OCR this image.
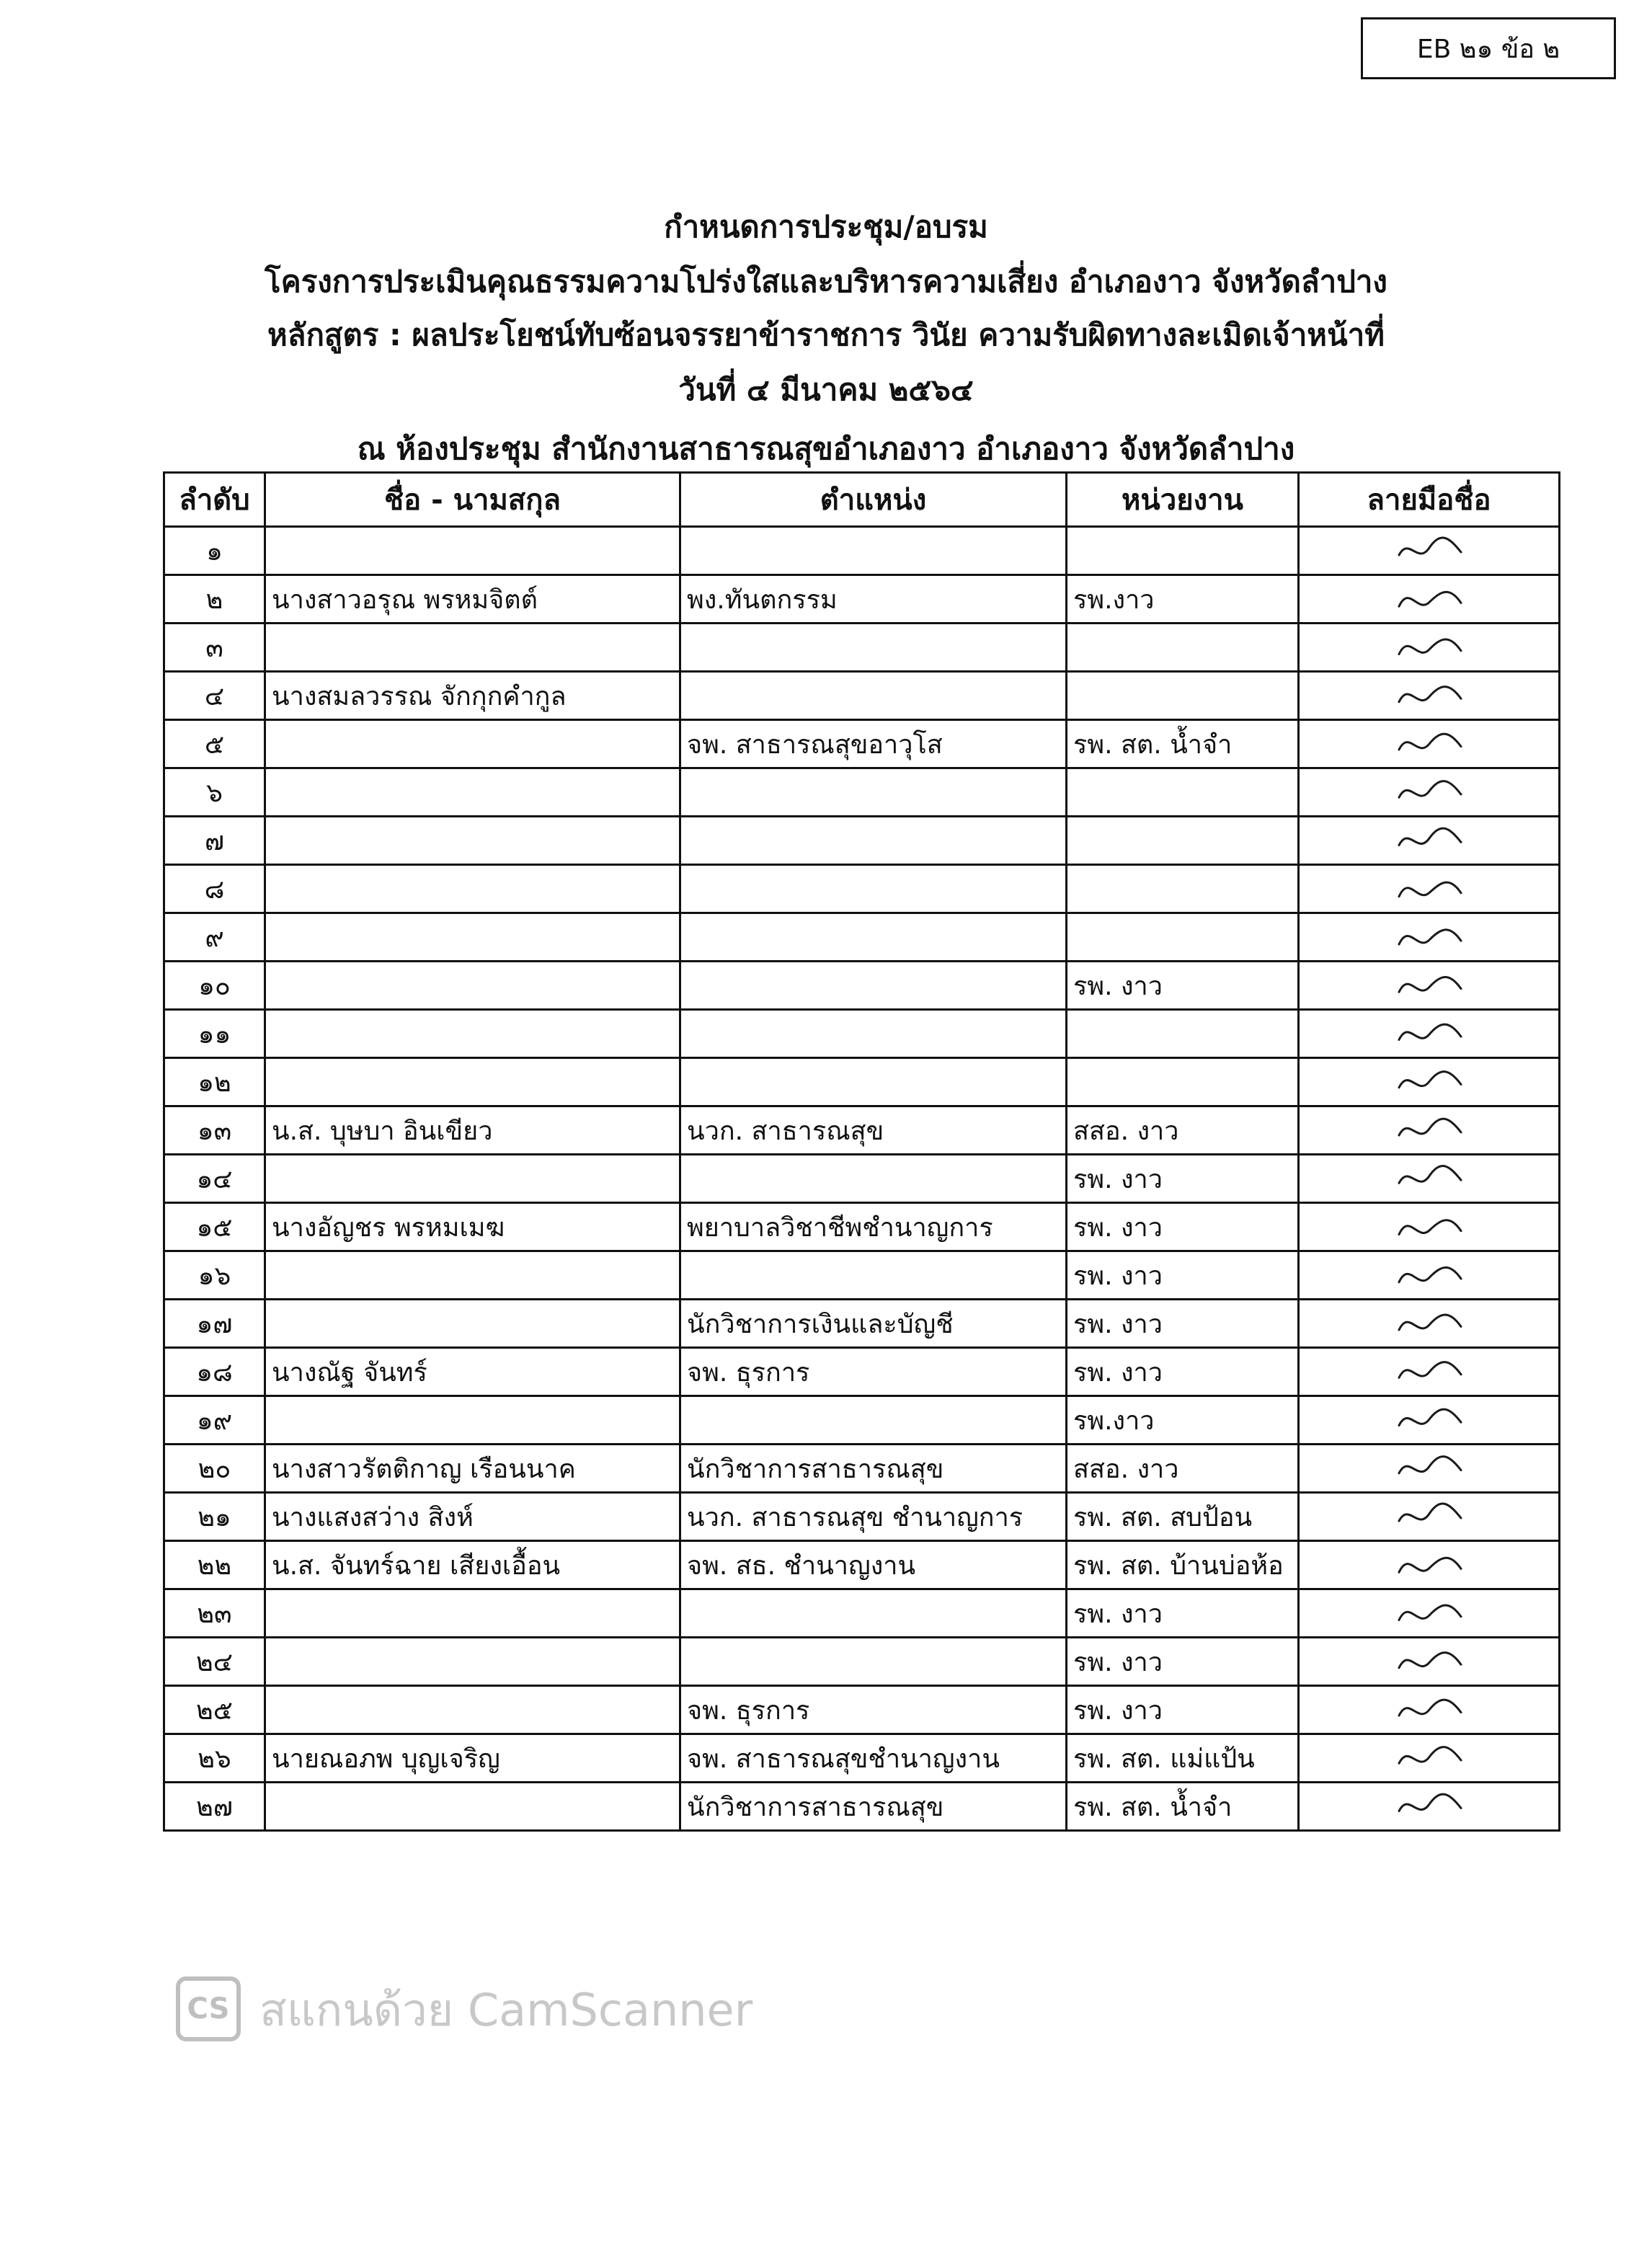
EB ๒๑ ข้อ ๒
กำหนดการประชุม/อบรม
โครงการประเมินคุณธรรมความโปร่งใสและบริหารความเสี่ยง อำเภองาว จังหวัดลำปาง
หลักสูตร : ผลประโยชน์ทับซ้อนจรรยาข้าราชการ วินัย ความรับผิดทางละเมิดเจ้าหน้าที่
วันที่ ๔ มีนาคม ๒๕๖๔
ณ ห้องประชุม สำนักงานสาธารณสุขอำเภองาว อำเภองาว จังหวัดลำปาง
ลำดับ	ชื่อ - นามสกุล	ตำแหน่ง	หน่วยงาน	ลายมือชื่อ
๑				
๒	นางสาวอรุณ พรหมจิตต์	พง.ทันตกรรม	รพ.งาว	
๓				
๔	นางสมลวรรณ จักกุกคำกูล			
๕		จพ. สาธารณสุขอาวุโส	รพ. สต. น้ำจำ	
๖				
๗				
๘				
๙				
๑๐			รพ. งาว	
๑๑				
๑๒				
๑๓	น.ส. บุษบา อินเขียว	นวก. สาธารณสุข	สสอ. งาว	
๑๔			รพ. งาว	
๑๕	นางอัญชร พรหมเมฆ	พยาบาลวิชาชีพชำนาญการ	รพ. งาว	
๑๖			รพ. งาว	
๑๗		นักวิชาการเงินและบัญชี	รพ. งาว	
๑๘	นางณัฐ จันทร์	จพ. ธุรการ	รพ. งาว	
๑๙			รพ.งาว	
๒๐	นางสาวรัตติกาญ เรือนนาค	นักวิชาการสาธารณสุข	สสอ. งาว	
๒๑	นางแสงสว่าง สิงห์	นวก. สาธารณสุข ชำนาญการ	รพ. สต. สบป้อน	
๒๒	น.ส. จันทร์ฉาย เสียงเอื้อน	จพ. สธ. ชำนาญงาน	รพ. สต. บ้านบ่อห้อ	
๒๓			รพ. งาว	
๒๔			รพ. งาว	
๒๕		จพ. ธุรการ	รพ. งาว	
๒๖	นายณอภพ บุญเจริญ	จพ. สาธารณสุขชำนาญงาน	รพ. สต. แม่แป้น	
๒๗		นักวิชาการสาธารณสุข	รพ. สต. น้ำจำ	
CS สแกนด้วย CamScanner
